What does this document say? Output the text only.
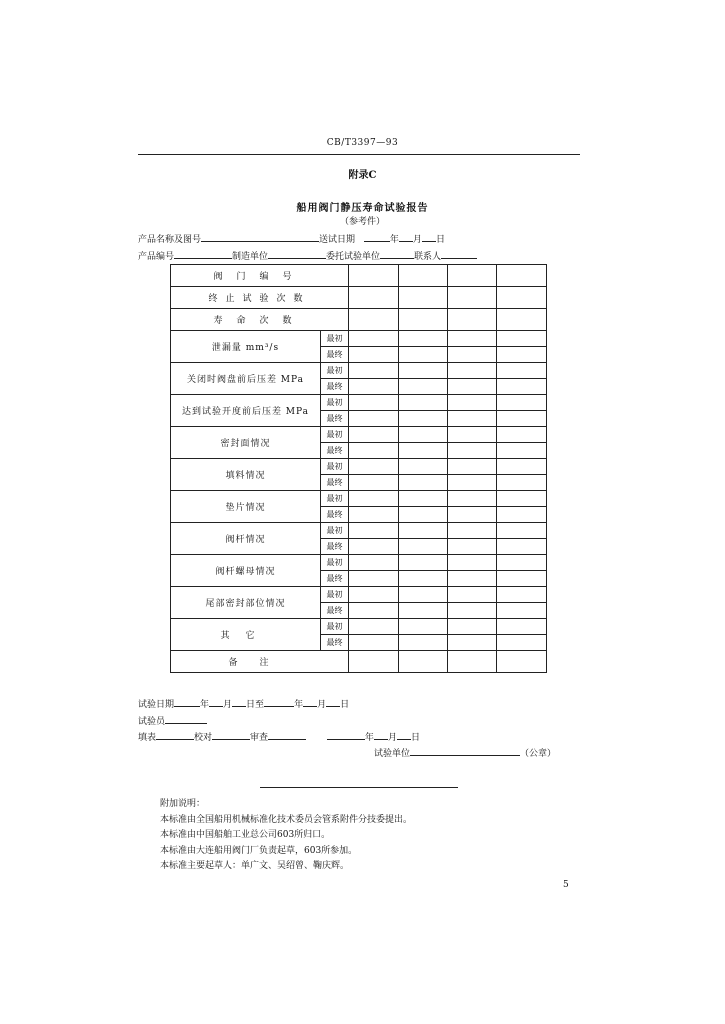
CB/T3397—93
附录C
船用阀门静压寿命试验报告
（参考件）
产品名称及图号	送试日期	年 月 日
产品编号	制造单位	委托试验单位	联系人
阀门编号					
终止试验次数					
寿命次数					
泄漏量 mm³/s	最初				
	最终				
关闭时阀盘前后压差 MPa	最初				
	最终				
达到试验开度前后压差 MPa	最初				
	最终				
密封面情况	最初				
	最终				
填料情况	最初				
	最终				
垫片情况	最初				
	最终				
阀杆情况	最初				
	最终				
阀杆螺母情况	最初				
	最终				
尾部密封部位情况	最初				
	最终				
其它	最初				
	最终				
备注					
试验日期	年 月 日至	年 月 日
试验员
填表	校对	审查	年 月 日
试验单位	（公章）
附加说明：
本标准由全国船用机械标准化技术委员会管系附件分技委提出。
本标准由中国船舶工业总公司603所归口。
本标准由大连船用阀门厂负责起草，603所参加。
本标准主要起草人：单广文、吴绍曾、鞠庆辉。
5
